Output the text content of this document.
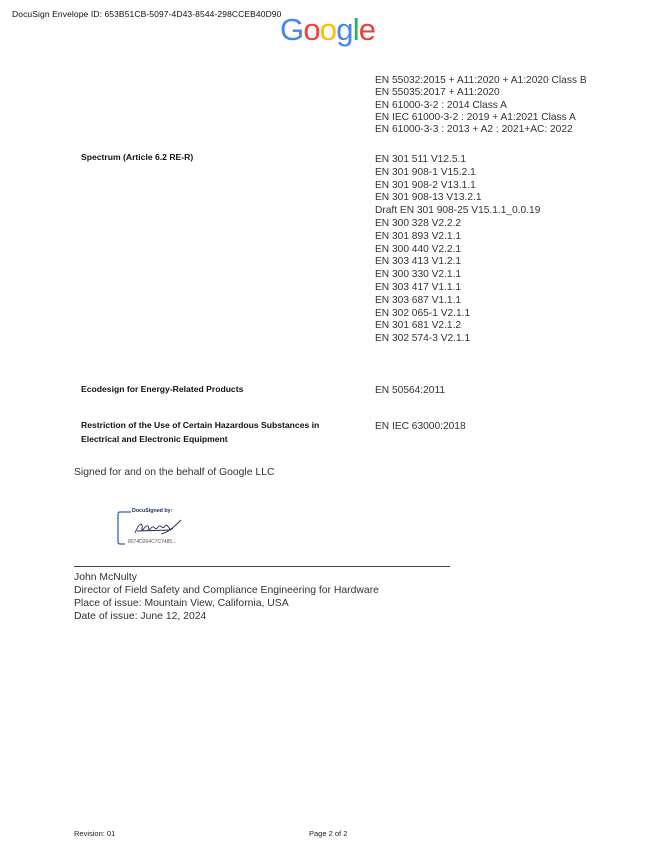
DocuSign Envelope ID: 653B51CB-5097-4D43-8544-298CCEB40D90
Google
EN 55032:2015 + A11:2020 + A1:2020 Class B
EN 55035:2017 + A11:2020
EN 61000-3-2 : 2014 Class A
EN IEC 61000-3-2 : 2019 + A1:2021 Class A
EN 61000-3-3 : 2013 + A2 : 2021+AC: 2022
Spectrum (Article 6.2 RE-R)	EN 301 511 V12.5.1
EN 301 908-1 V15.2.1
EN 301 908-2 V13.1.1
EN 301 908-13 V13.2.1
Draft EN 301 908-25 V15.1.1_0.0.19
EN 300 328 V2.2.2
EN 301 893 V2.1.1
EN 300 440 V2.2.1
EN 303 413 V1.2.1
EN 300 330 V2.1.1
EN 303 417 V1.1.1
EN 303 687 V1.1.1
EN 302 065-1 V2.1.1
EN 301 681 V2.1.2
EN 302 574-3 V2.1.1
Ecodesign for Energy-Related Products	EN 50564:2011
Restriction of the Use of Certain Hazardous Substances in
Electrical and Electronic Equipment
EN IEC 63000:2018
Signed for and on the behalf of Google LLC
DocuSigned by:
8074D264C7C7485...
John McNulty
Director of Field Safety and Compliance Engineering for Hardware
Place of issue: Mountain View, California, USA
Date of issue: June 12, 2024
Revision: 01	Page 2 of 2
